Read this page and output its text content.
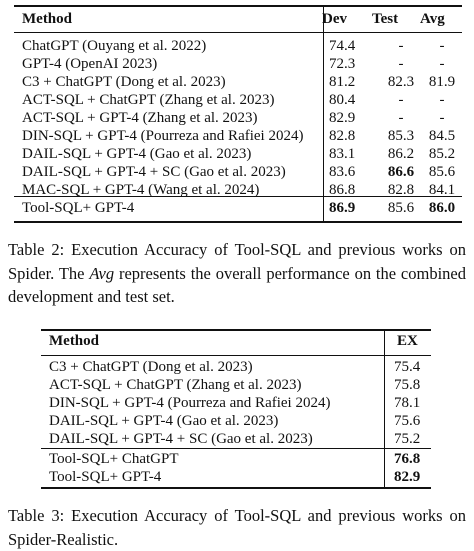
Method	Dev	Test	Avg
ChatGPT (Ouyang et al. 2022)	74.4	-	-
GPT-4 (OpenAI 2023)	72.3	-	-
C3 + ChatGPT (Dong et al. 2023)	81.2	82.3	81.9
ACT-SQL + ChatGPT (Zhang et al. 2023)	80.4	-	-
ACT-SQL + GPT-4 (Zhang et al. 2023)	82.9	-	-
DIN-SQL + GPT-4 (Pourreza and Rafiei 2024)	82.8	85.3	84.5
DAIL-SQL + GPT-4 (Gao et al. 2023)	83.1	86.2	85.2
DAIL-SQL + GPT-4 + SC (Gao et al. 2023)	83.6	86.6	85.6
MAC-SQL + GPT-4 (Wang et al. 2024)	86.8	82.8	84.1
Tool-SQL+ GPT-4	86.9	85.6	86.0
Table 2: Execution Accuracy of Tool-SQL and previous works on Spider. The Avg represents the overall performance on the combined development and test set.
Method	EX
C3 + ChatGPT (Dong et al. 2023)	75.4
ACT-SQL + ChatGPT (Zhang et al. 2023)	75.8
DIN-SQL + GPT-4 (Pourreza and Rafiei 2024)	78.1
DAIL-SQL + GPT-4 (Gao et al. 2023)	75.6
DAIL-SQL + GPT-4 + SC (Gao et al. 2023)	75.2
Tool-SQL+ ChatGPT	76.8
Tool-SQL+ GPT-4	82.9
Table 3: Execution Accuracy of Tool-SQL and previous works on Spider-Realistic.
